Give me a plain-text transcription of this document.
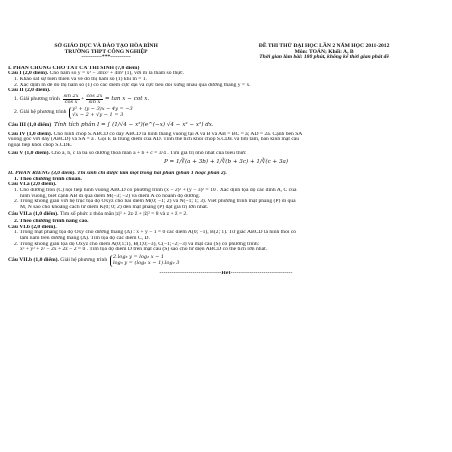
SỞ GIÁO DỤC VÀ ĐÀO TẠO HÒA BÌNH
TRƯỜNG THPT CÔNG NGHIỆP
-----------***-----------
ĐỀ THI THỬ ĐẠI HỌC LẦN 2 NĂM HỌC 2011-2012
Môn: TOÁN; Khối: A, B
Thời gian làm bài: 180 phút, không kể thời gian phát đề
I. PHẦN CHUNG CHO TẤT CẢ THÍ SINH (7,0 điểm)
Câu I (2,0 điểm). Cho hàm số y = x³ − 3mx² + 4m³ (1), với m là tham số thực.
1. Khảo sát sự biến thiên và vẽ đồ thị hàm số (1) khi m = 1.
2. Xác định m để đồ thị hàm số (1) có các điểm cực đại và cực tiểu đối xứng nhau qua đường thẳng y = x.
Câu II (2,0 điểm).
1. Giải phương trình
$\frac{\sin 2x}{\text{cos x}} + \frac{\cos 2x}{\text{sin x}}$
= tan x − cot x.
2. Giải hệ phương trình
y² + (y − 3)x − 4y = −3
√x − 2 + √y − 1 = 3
Câu III (1,0 điểm)
Tính tích phân I = ∫ (1/√4 − x²)(e^(−x) √4 − x² − x²) dx.
Câu IV (1,0 điểm). Cho hình chóp S.ABCD có đáy ABCD là hình thang vuông tại A và B và AB = BC = a; AD = 2a. Cạnh bên SA
vuông góc với đáy (ABCD) và SA = a . Gọi E là trung điểm của AD. Tính thể tích khối chóp S.CDE và tìm tâm, bán kính mặt cầu
ngoại tiếp khối chóp S.CDE.
Câu V (1,0 điểm). Cho a, b, c là ba số dương thoả mãn a + b + c = 3/4 . Tìm giá trị nhỏ nhất của biểu thức
P = 1/∛(a + 3b) + 1/∛(b + 3c) + 1/∛(c + 3a)
II. PHẦN RIÊNG (3,0 điểm). Thí sinh chỉ được làm một trong hai phần (phần 1 hoặc phần 2).
1. Theo chương trình chuẩn.
Câu VI.a (2,0 điểm).
1. Cho đường tròn (C) nội tiếp hình vuông ABCD có phương trình (x − 2)² + (y − 3)² = 10 . Xác định tọa độ các đỉnh A, C của
hình vuông, biết cạnh AB đi qua điểm M(−3; −2) và điểm A có hoành độ dương.
2. Trong không gian với hệ trục tọa độ Oxyz cho hai điểm M(0; −1; 2) và N(−1; 1; 3). Viết phương trình mặt phẳng (P) đi qua
M, N sao cho khoảng cách từ điểm K(0; 0; 2) đến mặt phẳng (P) đạt giá trị lớn nhất.
Câu VII.a (1,0 điểm). Tìm số phức z thỏa mãn |z|² + 2z·z̄ + |z̄|² = 8 và z + z̄ = 2.
2. Theo chương trình nâng cao.
Câu VI.b (2,0 điểm).
1. Trong mặt phẳng tọa độ Oxy cho đường thẳng (Δ) : x + y − 1 = 0 các điểm A(0; −1), B(2; 1). Tứ giác ABCD là hình thoi có
tâm nằm trên đường thẳng (Δ). Tìm tọa độ các điểm C, D.
2. Trong không gian tọa độ Oxyz cho điểm A(0;1;1), B(1;0;−3), C(−1;−2;−3) và mặt cầu (S) có phương trình:
x² + y² + z² − 2x + 2z − 2 = 0 . Tìm tọa độ điểm D trên mặt cầu (S) sao cho tứ diện ABCD có thể tích lớn nhất.
Câu VII.b (1,0 điểm).
Giải hệ phương trình
2.log₃ y = log₂ x − 1
log₃ y = (log₂ x − 1).log₂ 3
------------------------------Hết------------------------------
